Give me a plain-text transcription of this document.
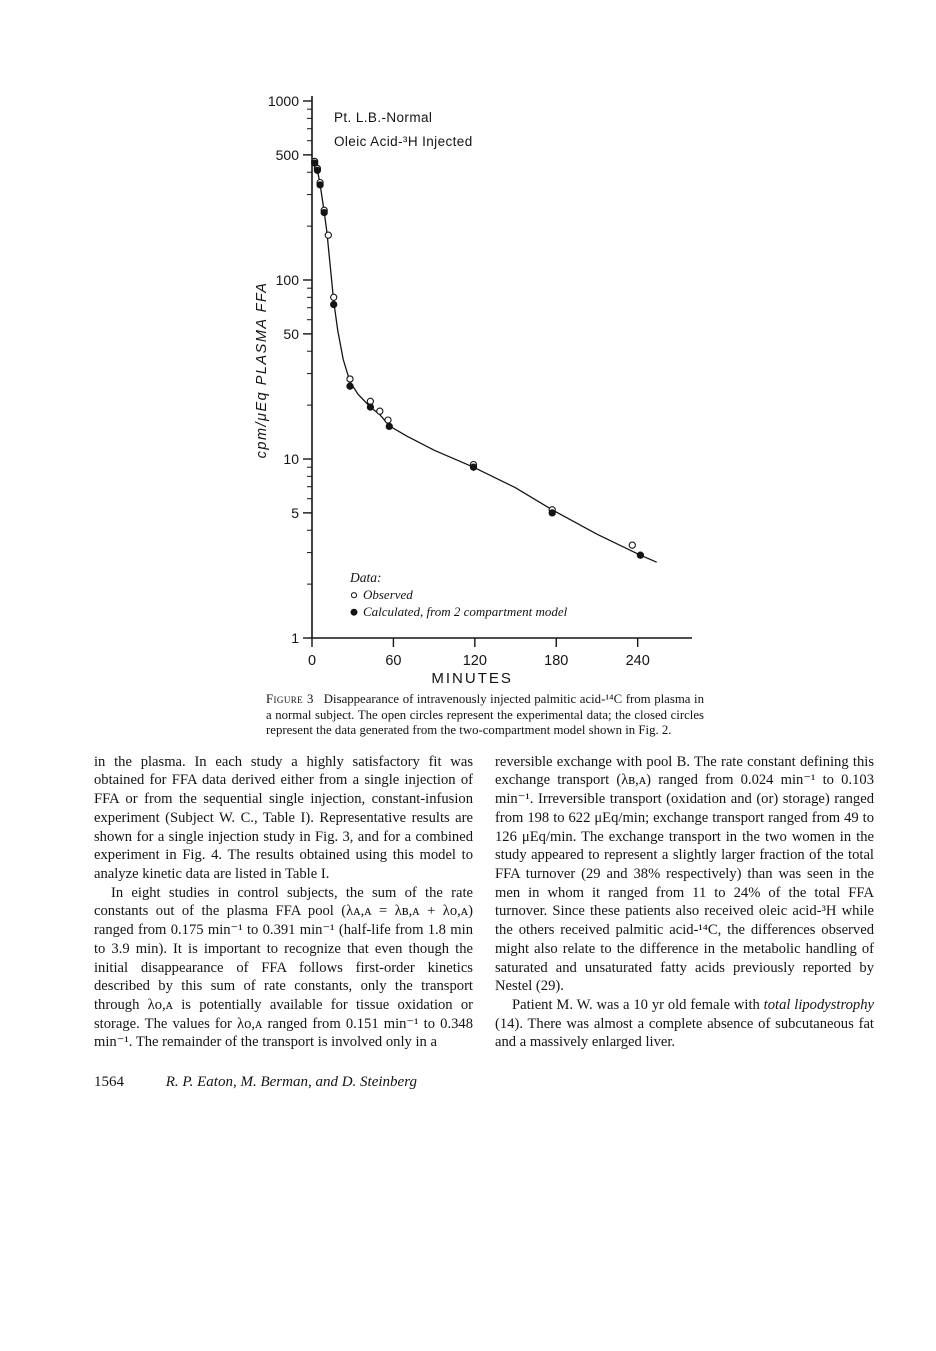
1
5
10
50
100
500
1000
0	60	120	180	240
MINUTES
cpm/μEq PLASMA FFA
Pt. L.B.-Normal
Oleic Acid-³H Injected
Data:
Observed
Calculated, from 2 compartment model
Figure 3 Disappearance of intravenously injected palmitic acid-¹⁴C from plasma in a normal subject. The open circles represent the experimental data; the closed circles represent the data generated from the two-compartment model shown in Fig. 2.

in the plasma. In each study a highly satisfactory fit was obtained for FFA data derived either from a single injection of FFA or from the sequential single injection, constant-infusion experiment (Subject W. C., Table I). Representative results are shown for a single injection study in Fig. 3, and for a combined experiment in Fig. 4. The results obtained using this model to analyze kinetic data are listed in Table I.

In eight studies in control subjects, the sum of the rate constants out of the plasma FFA pool (λᴀ,ᴀ = λʙ,ᴀ + λᴏ,ᴀ) ranged from 0.175 min⁻¹ to 0.391 min⁻¹ (half-life from 1.8 min to 3.9 min). It is important to recognize that even though the initial disappearance of FFA follows first-order kinetics described by this sum of rate constants, only the transport through λᴏ,ᴀ is potentially available for tissue oxidation or storage. The values for λᴏ,ᴀ ranged from 0.151 min⁻¹ to 0.348 min⁻¹. The remainder of the transport is involved only in a

reversible exchange with pool B. The rate constant defining this exchange transport (λʙ,ᴀ) ranged from 0.024 min⁻¹ to 0.103 min⁻¹. Irreversible transport (oxidation and (or) storage) ranged from 198 to 622 μEq/min; exchange transport ranged from 49 to 126 μEq/min. The exchange transport in the two women in the study appeared to represent a slightly larger fraction of the total FFA turnover (29 and 38% respectively) than was seen in the men in whom it ranged from 11 to 24% of the total FFA turnover. Since these patients also received oleic acid-³H while the others received palmitic acid-¹⁴C, the differences observed might also relate to the difference in the metabolic handling of saturated and unsaturated fatty acids previously reported by Nestel (29).

Patient M. W. was a 10 yr old female with total lipodystrophy (14). There was almost a complete absence of subcutaneous fat and a massively enlarged liver.

1564	R. P. Eaton, M. Berman, and D. Steinberg
